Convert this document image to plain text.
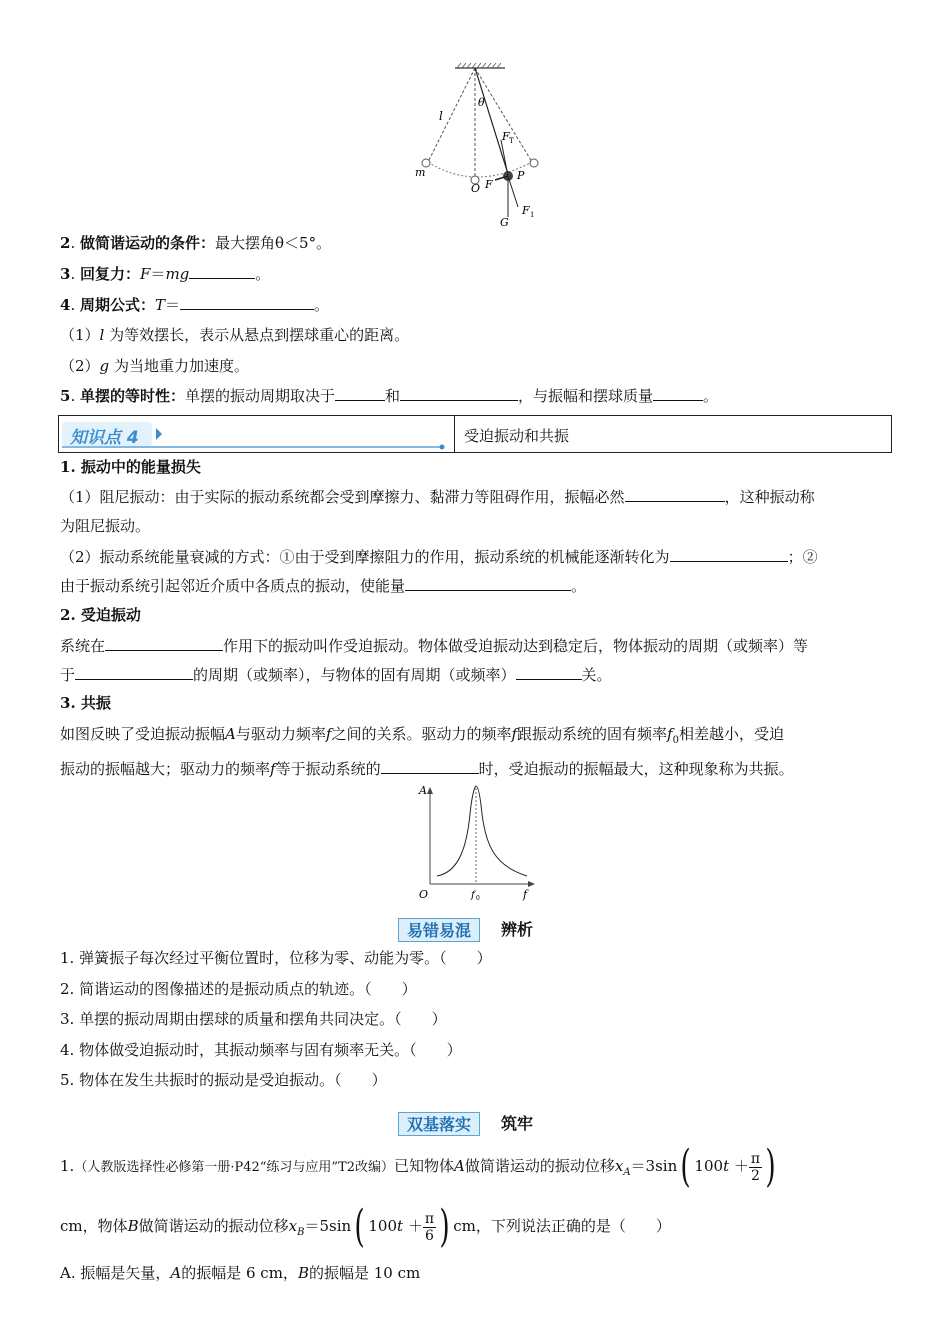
θ
l
F T
m
O F
P
F 1
G
2. 做简谐运动的条件：最大摆角θ＜5°。
3. 回复力：F＝mg	。
4. 周期公式：T＝	。
（1）l 为等效摆长，表示从悬点到摆球重心的距离。
（2）g 为当地重力加速度。
5. 单摆的等时性：单摆的振动周期取决于	和	，与振幅和摆球质量	。
知识点 4	受迫振动和共振
1. 振动中的能量损失
（1）阻尼振动：由于实际的振动系统都会受到摩擦力、黏滞力等阻碍作用，振幅必然	，这种振动称
为阻尼振动。
（2）振动系统能量衰减的方式：①由于受到摩擦阻力的作用，振动系统的机械能逐渐转化为	；②
由于振动系统引起邻近介质中各质点的振动，使能量	。
2. 受迫振动
系统在	作用下的振动叫作受迫振动。物体做受迫振动达到稳定后，物体振动的周期（或频率）等
于	的周期（或频率），与物体的固有周期（或频率）	关。
3. 共振
如图反映了受迫振动振幅A与驱动力频率f之间的关系。驱动力的频率f跟振动系统的固有频率$f_0$相差越小，受迫
振动的振幅越大；驱动力的频率f等于振动系统的	时，受迫振动的振幅最大，这种现象称为共振。
A
f
O	f 0
易错易混	辨析
1. 弹簧振子每次经过平衡位置时，位移为零、动能为零。（　　）
2. 简谐运动的图像描述的是振动质点的轨迹。（　　）
3. 单摆的振动周期由摆球的质量和摆角共同决定。（　　）
4. 物体做受迫振动时，其振动频率与固有频率无关。（　　）
5. 物体在发生共振时的振动是受迫振动。（　　）
双基落实	筑牢
1.（人教版选择性必修第一册·P42“练习与应用”T2改编）已知物体A做简谐运动的振动位移$x_A=3\sin$( $100t + \frac{\pi}{2}$ )
cm，物体B做简谐运动的振动位移$x_B=5\sin$( $100t + \frac{\pi}{6}$ ) cm，下列说法正确的是（　　）
A. 振幅是矢量，A的振幅是 6 cm，B的振幅是 10 cm
